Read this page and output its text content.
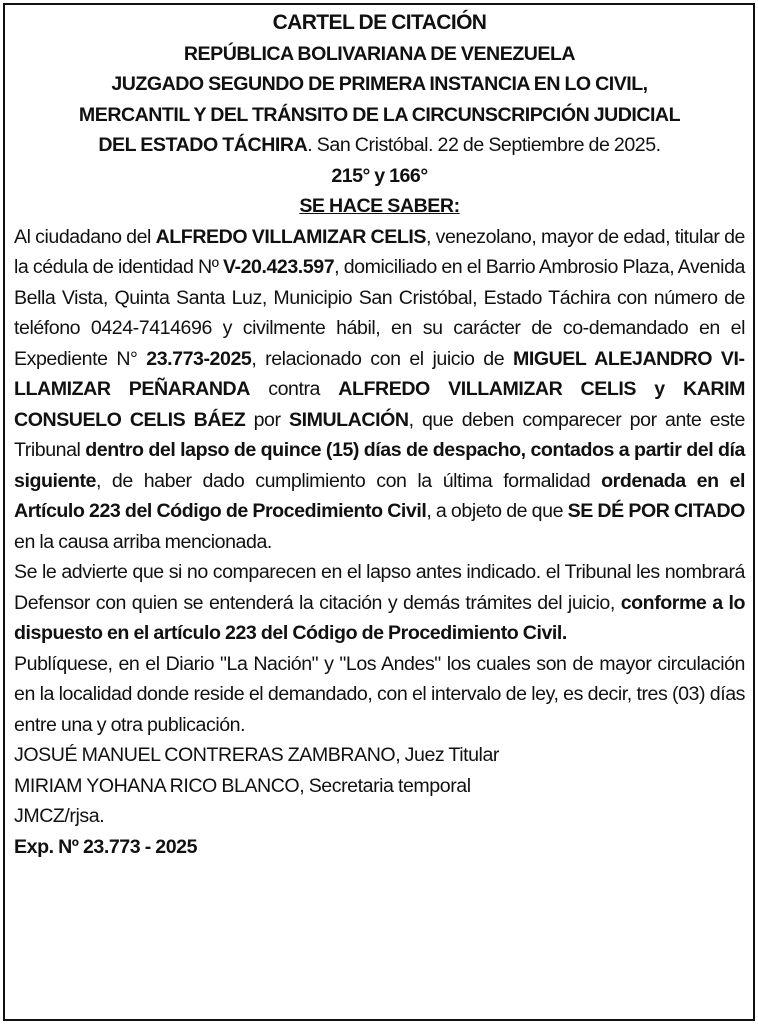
CARTEL DE CITACIÓN
REPÚBLICA BOLIVARIANA DE VENEZUELA
JUZGADO SEGUNDO DE PRIMERA INSTANCIA EN LO CIVIL,
MERCANTIL Y DEL TRÁNSITO DE LA CIRCUNSCRIPCIÓN JUDICIAL
DEL ESTADO TÁCHIRA. San Cristóbal. 22 de Septiembre de 2025.
215° y 166°
SE HACE SABER:
Al ciudadano del ALFREDO VILLAMIZAR CELIS, venezolano, mayor de edad, titular de la cédula de identidad Nº V-20.423.597, domiciliado en el Barrio Ambrosio Plaza, Avenida Bella Vista, Quinta Santa Luz, Municipio San Cristóbal, Estado Táchira con número de teléfono 0424-7414696 y civilmente hábil, en su carácter de co-demandado en el Expediente N° 23.773-2025, relacionado con el juicio de MIGUEL ALEJANDRO VILLAMIZAR PEÑARANDA contra ALFREDO VILLAMIZAR CELIS y KARIM CONSUELO CELIS BÁEZ por SIMULACIÓN, que deben comparecer por ante este Tribunal dentro del lapso de quince (15) días de despacho, contados a partir del día siguiente, de haber dado cumplimiento con la última formalidad ordenada en el Artículo 223 del Código de Procedimiento Civil, a objeto de que SE DÉ POR CITADO en la causa arriba mencionada.
Se le advierte que si no comparecen en el lapso antes indicado. el Tribunal les nombrará Defensor con quien se entenderá la citación y demás trámites del juicio, conforme a lo dispuesto en el artículo 223 del Código de Procedimiento Civil.
Publíquese, en el Diario "La Nación" y "Los Andes" los cuales son de mayor circulación en la localidad donde reside el demandado, con el intervalo de ley, es decir, tres (03) días entre una y otra publicación.
JOSUÉ MANUEL CONTRERAS ZAMBRANO, Juez Titular
MIRIAM YOHANA RICO BLANCO, Secretaria temporal
JMCZ/rjsa.
Exp. Nº 23.773 - 2025
